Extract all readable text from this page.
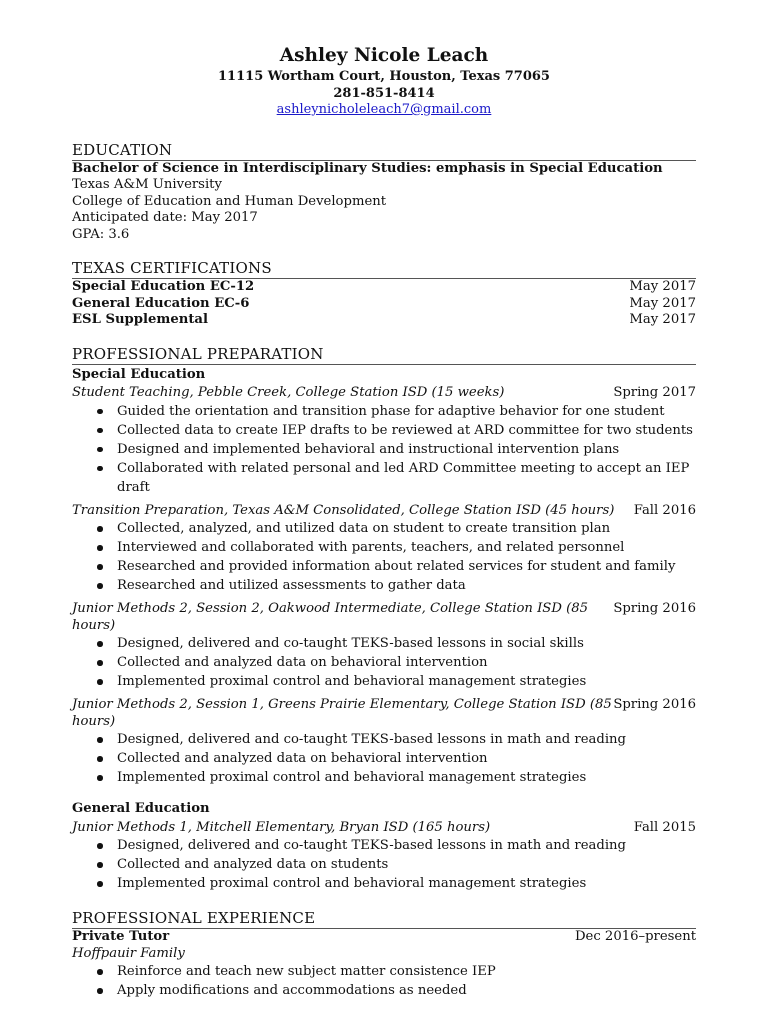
Ashley Nicole Leach
11115 Wortham Court, Houston, Texas 77065
281-851-8414
ashleynicholeleach7@gmail.com
EDUCATION
Bachelor of Science in Interdisciplinary Studies: emphasis in Special Education
Texas A&M University
College of Education and Human Development
Anticipated date: May 2017
GPA: 3.6
TEXAS CERTIFICATIONS
Special Education EC-12	May 2017
General Education EC-6	May 2017
ESL Supplemental	May 2017
PROFESSIONAL PREPARATION
Special Education
Student Teaching, Pebble Creek, College Station ISD (15 weeks)	Spring 2017
Guided the orientation and transition phase for adaptive behavior for one student
Collected data to create IEP drafts to be reviewed at ARD committee for two students
Designed and implemented behavioral and instructional intervention plans
Collaborated with related personal and led ARD Committee meeting to accept an IEP draft
Transition Preparation, Texas A&M Consolidated, College Station ISD (45 hours) Fall 2016
Collected, analyzed, and utilized data on student to create transition plan
Interviewed and collaborated with parents, teachers, and related personnel
Researched and provided information about related services for student and family
Researched and utilized assessments to gather data
Junior Methods 2, Session 2, Oakwood Intermediate, College Station ISD (85 hours)
Spring 2016
Designed, delivered and co-taught TEKS-based lessons in social skills
Collected and analyzed data on behavioral intervention
Implemented proximal control and behavioral management strategies
Junior Methods 2, Session 1, Greens Prairie Elementary, College Station ISD (85 hours)
Spring 2016
Designed, delivered and co-taught TEKS-based lessons in math and reading
Collected and analyzed data on behavioral intervention
Implemented proximal control and behavioral management strategies
General Education
Junior Methods 1, Mitchell Elementary, Bryan ISD (165 hours)	Fall 2015
Designed, delivered and co-taught TEKS-based lessons in math and reading
Collected and analyzed data on students
Implemented proximal control and behavioral management strategies
PROFESSIONAL EXPERIENCE
Private Tutor	Dec 2016–present
Hoffpauir Family
Reinforce and teach new subject matter consistence IEP
Apply modifications and accommodations as needed
